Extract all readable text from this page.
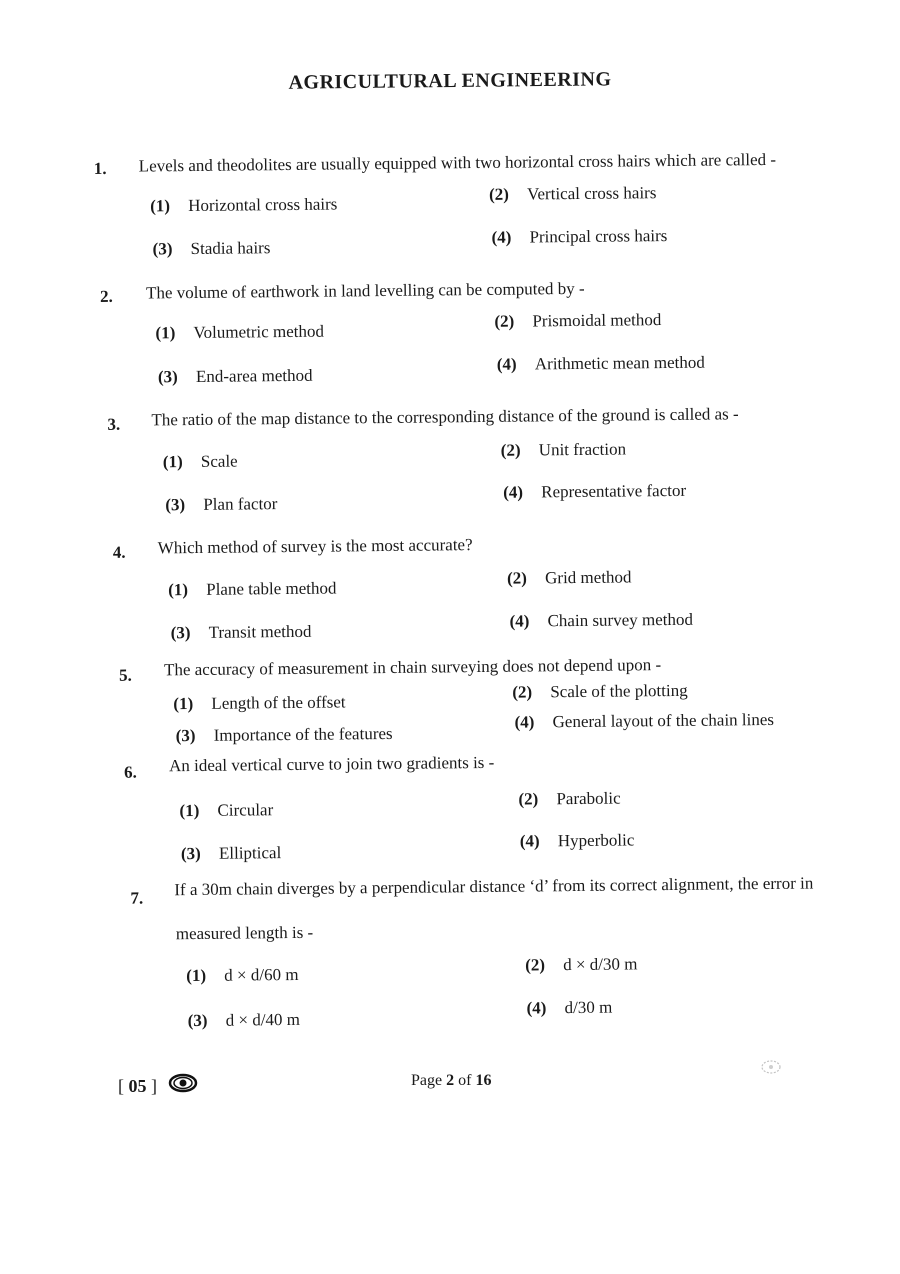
AGRICULTURAL ENGINEERING
1. Levels and theodolites are usually equipped with two horizontal cross hairs which are called -
(1) Horizontal cross hairs
(2) Vertical cross hairs
(3) Stadia hairs
(4) Principal cross hairs
2. The volume of earthwork in land levelling can be computed by -
(1) Volumetric method
(2) Prismoidal method
(3) End-area method
(4) Arithmetic mean method
3. The ratio of the map distance to the corresponding distance of the ground is called as -
(1) Scale
(2) Unit fraction
(3) Plan factor
(4) Representative factor
4. Which method of survey is the most accurate?
(1) Plane table method
(2) Grid method
(3) Transit method
(4) Chain survey method
5. The accuracy of measurement in chain surveying does not depend upon -
(1) Length of the offset
(2) Scale of the plotting
(3) Importance of the features
(4) General layout of the chain lines
6. An ideal vertical curve to join two gradients is -
(1) Circular
(2) Parabolic
(3) Elliptical
(4) Hyperbolic
7. If a 30m chain diverges by a perpendicular distance ‘d’ from its correct alignment, the error in
measured length is -
(1) d × d/60 m	(2) d × d/30 m
(3) d × d/40 m
(4) d/30 m
[ 05 ]	Page 2 of 16
